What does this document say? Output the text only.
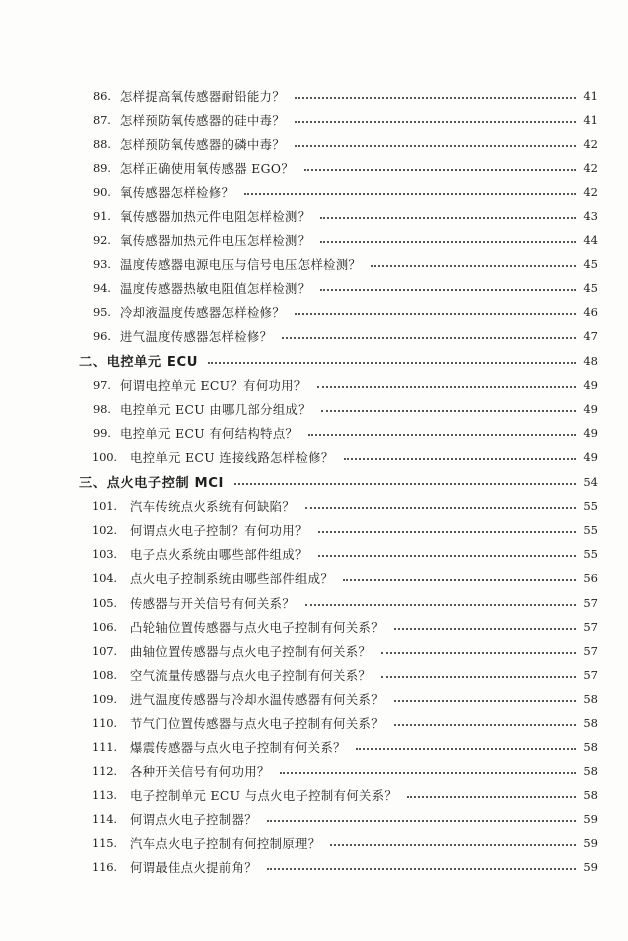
86. 怎样提高氧传感器耐铅能力？	41
87. 怎样预防氧传感器的硅中毒？	41
88. 怎样预防氧传感器的磷中毒？	42
89. 怎样正确使用氧传感器 EGO？	42
90. 氧传感器怎样检修？	42
91. 氧传感器加热元件电阻怎样检测？	43
92. 氧传感器加热元件电压怎样检测？	44
93. 温度传感器电源电压与信号电压怎样检测？	45
94. 温度传感器热敏电阻值怎样检测？	45
95. 冷却液温度传感器怎样检修？	46
96. 进气温度传感器怎样检修？	47
二、电控单元 ECU	48
97. 何谓电控单元 ECU？有何功用？	49
98. 电控单元 ECU 由哪几部分组成？	49
99. 电控单元 ECU 有何结构特点？	49
100.	电控单元 ECU 连接线路怎样检修？	49
三、点火电子控制 MCI	54
101.	汽车传统点火系统有何缺陷？	55
102.	何谓点火电子控制？有何功用？	55
103.	电子点火系统由哪些部件组成？	55
104.	点火电子控制系统由哪些部件组成？	56
105.	传感器与开关信号有何关系？	57
106.	凸轮轴位置传感器与点火电子控制有何关系？	57
107.	曲轴位置传感器与点火电子控制有何关系？	57
108.	空气流量传感器与点火电子控制有何关系？	57
109.	进气温度传感器与冷却水温传感器有何关系？	58
110.	节气门位置传感器与点火电子控制有何关系？	58
111.	爆震传感器与点火电子控制有何关系？	58
112.	各种开关信号有何功用？	58
113.	电子控制单元 ECU 与点火电子控制有何关系？	58
114.	何谓点火电子控制器？	59
115.	汽车点火电子控制有何控制原理？	59
116.	何谓最佳点火提前角？	59
